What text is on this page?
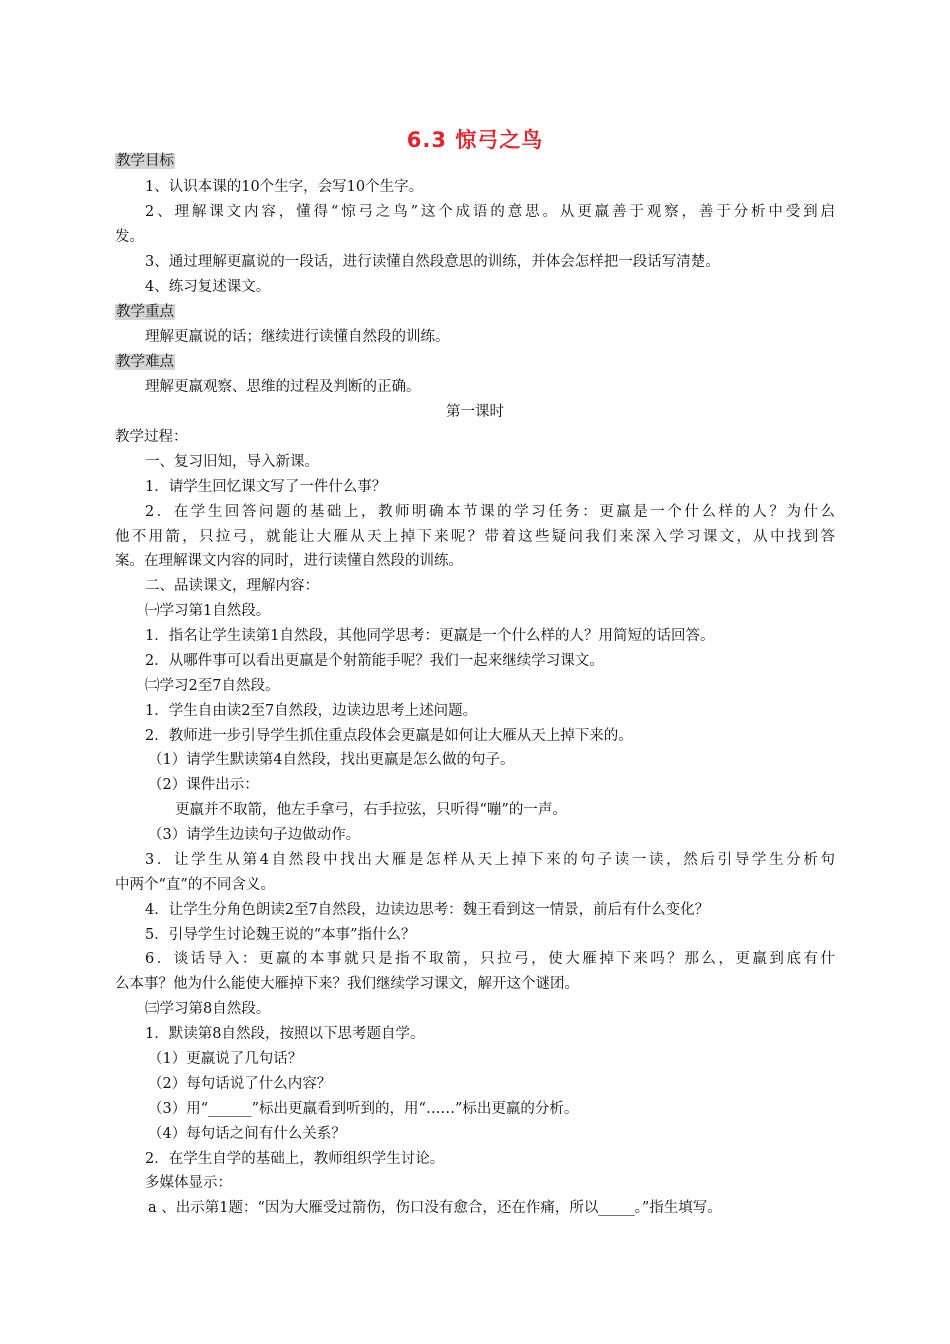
6.3 惊弓之鸟
教学目标
1、认识本课的10个生字，会写10个生字。
2、理解课文内容，懂得“惊弓之鸟”这个成语的意思。从更羸善于观察，善于分析中受到启
发。
3、通过理解更羸说的一段话，进行读懂自然段意思的训练，并体会怎样把一段话写清楚。
4、练习复述课文。
教学重点
理解更羸说的话；继续进行读懂自然段的训练。
教学难点
理解更羸观察、思维的过程及判断的正确。
第一课时
教学过程：
一、复习旧知，导入新课。
1．请学生回忆课文写了一件什么事？
2．在学生回答问题的基础上，教师明确本节课的学习任务：更羸是一个什么样的人？为什么
他不用箭，只拉弓，就能让大雁从天上掉下来呢？带着这些疑问我们来深入学习课文，从中找到答
案。在理解课文内容的同时，进行读懂自然段的训练。
二、品读课文，理解内容：
㈠学习第1自然段。
1．指名让学生读第1自然段，其他同学思考：更羸是一个什么样的人？用简短的话回答。
2．从哪件事可以看出更羸是个射箭能手呢？我们一起来继续学习课文。
㈡学习2至7自然段。
1．学生自由读2至7自然段，边读边思考上述问题。
2．教师进一步引导学生抓住重点段体会更羸是如何让大雁从天上掉下来的。
（1）请学生默读第4自然段，找出更羸是怎么做的句子。
（2）课件出示：
更羸并不取箭，他左手拿弓，右手拉弦，只听得“嘣”的一声。
（3）请学生边读句子边做动作。
3．让学生从第4自然段中找出大雁是怎样从天上掉下来的句子读一读，然后引导学生分析句
中两个“直”的不同含义。
4．让学生分角色朗读2至7自然段，边读边思考：魏王看到这一情景，前后有什么变化？
5．引导学生讨论魏王说的“本事”指什么？
6．谈话导入：更羸的本事就只是指不取箭，只拉弓，使大雁掉下来吗？那么，更羸到底有什
么本事？他为什么能使大雁掉下来？我们继续学习课文，解开这个谜团。
㈢学习第8自然段。
1．默读第8自然段，按照以下思考题自学。
（1）更羸说了几句话？
（2）每句话说了什么内容？
（3）用“______”标出更羸看到听到的，用“……”标出更羸的分析。
（4）每句话之间有什么关系？
2．在学生自学的基础上，教师组织学生讨论。
多媒体显示：
a 、出示第1题：“因为大雁受过箭伤，伤口没有愈合，还在作痛，所以_____。”指生填写。
